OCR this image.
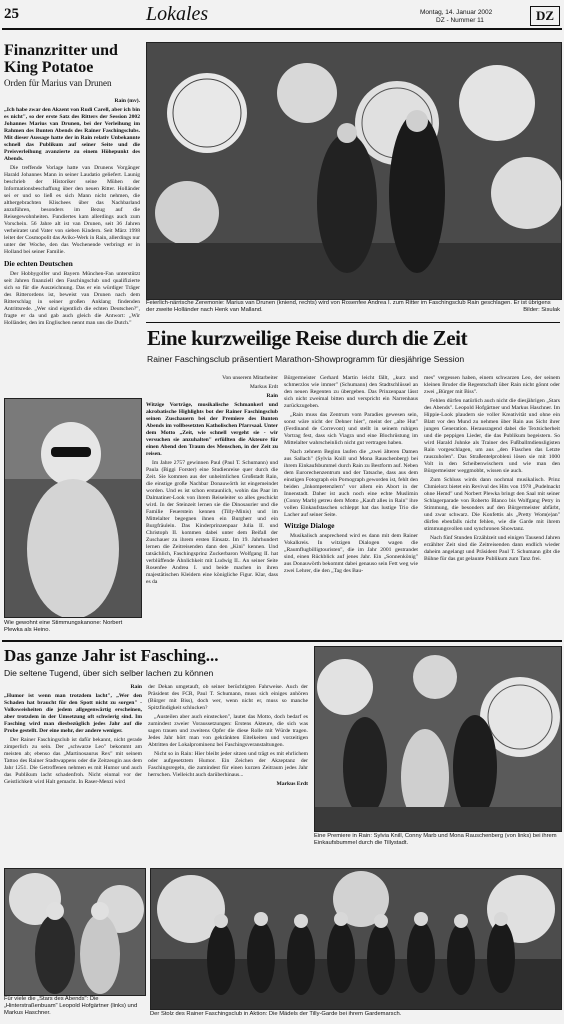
25	Lokales	Montag, 14. Januar 2002
DZ - Nummer 11	DZ
Finanzritter und
King Potatoe
Orden für Marius van Drunen

Rain (mv).

„Ich habe zwar den Akzent von Rudi Carell, aber ich bin es nicht", so der erste Satz des Ritters der Session 2002 Johannes Marius van Drunen, bei der Verleihung im Rahmen des Bunten Abends des Rainer Faschingsclubs. Mit dieser Aussage hatte der in Rain relativ Unbekannte schnell das Publikum auf seiner Seite und die Preisverleihung avanzierte zu einem Höhepunkt des Abends.

Die treffende Vorlage hatte van Drunens Vorgänger Harald Johannes Mann in seiner Laudatio geliefert. Launig beschrieb der Historiker seine Mühen der Informationsbeschaffung über den neuen Ritter. Holländer sei er und so ließ es sich Mann nicht nehmen, die althergebrachten Klischees über das Nachbarland anzuführen, besonders im Bezug auf die Reisegewohnheiten. Fundiertes kam allerdings auch zum Vorschein. 56 Jahre alt ist van Drunen, seit 36 Jahren verheiratet und Vater von sieben Kindern. Seit März 1998 leitet der Cosmopolit das Aviko-Werk in Rain, allerdings nur unter der Woche, den das Wochenende verbringt er in Holland bei seiner Familie.

Die echten Deutschen

Der Hobbygolfer und Bayern München-Fan unterstützt seit Jahren finanziell den Faschingsclub und qualifizierte sich so für die Auszeichnung. Das er ein würdiger Träger des Ritterordens ist, beweist van Drunen nach dem Ritterschlag in seiner großen Anklang findenden Antrittsrede. „Wer sind eigentlich die echten Deutschen?", fragte er da und gab auch gleich die Antwort: „Wir Holländer, den im Englischen nennt man uns die Dutch."

Feierlich-närrische Zeremonie: Marius van Drunen (kniend, rechts) wird von Rosenfee Andrea I. zum Ritter im Faschingsclub Rain geschlagen. Er ist übrigens der zweite Holländer nach Henk van Malland.	Bilder: Sisulak
Wie gewohnt eine Stimmungskanone: Norbert Plewka als Heino.
Eine kurzweilige Reise durch die Zeit
Rainer Faschingsclub präsentiert Marathon-Showprogramm für diesjährige Session

Von unserem Mitarbeiter

Markus Erdt

Rain

Witzige Vorträge, musikalische Schmankerl und akrobatische Highlights bot der Rainer Faschingsclub seinen Zuschauern bei der Premiere des Bunten Abends im vollbesetzten Katholischen Pfarrsaal. Unter dem Motto „Zeit, wie schnell vergeht sie - wir versuchen sie anzuhalten" erfüllten die Akteure für einen Abend den Traum des Menschen, in der Zeit zu reisen.

Im Jahre 2757 gewinnen Paul (Paul T. Schumann) und Paula (Biggi Forster) eine Studienreise quer durch die Zeit. Sie kommen aus der unheimlichen Großstadt Rain, die einstige große Nachbar Donauwörth ist eingemeindet worden. Und es ist schon erstaunlich, wohin das Paar im Dalmatiner-Look von ihrem Reiseleiter so alles geschickt wird. In der Steinzeit lernen sie die Dinosaurier und die Familie Feuerstein kennen (Tilly-Minis) und im Mittelalter begegnen ihnen ein Burgherr und ein Burgfräulein. Das Kinderprinzenpaar Julia II. und Christoph II. kommen dabei unter dem Beifall der Zuschauer zu ihrem ersten Einsatz. Im 19. Jahrhundert lernen die Zeitreisenden dann den „Kini" kennen. Und tatsächlich, Faschingsprinz Zuckerbaron Wolfgang II. hat verblüffende Ähnlichkeit mit Ludwig II.. An seiner Seite Rosenfee Andrea I. und beide machen in ihren majestätischen Kleidern eine königliche Figur. Klar, dass es da

Bürgermeister Gerhard Martin leicht fällt, „kurz und schmerzlos wie immer" (Schumann) den Stadtschlüssel an den neuen Regenten zu übergeben. Das Prinzenpaar lässt sich nicht zweimal bitten und verspricht ein Narrenhaus zurückzugeben.

„Rain muss das Zentrum vom Paradies gewesen sein, sonst wäre nicht der Dehner hier", meint der „alte Hut" (Ferdinand de Correvont) und stellt in seinem ruhigen Vortrag fest, dass sich Viagra und eine Blochrüstung im Mittelalter wahrscheinlich nicht gut vertragen haben.

Nach zehnem Beginn laufen die „zwei älteren Damen aus Sallach" (Sylvia Knill und Mona Rauschenberg) bei ihrem Einkaufsbummel durch Rain zu Bestform auf. Neben dem Eurorechenzentrum und der Tatsache, dass aus dem einstigen Fotograph ein Pornograph geworden ist, fehlt den beiden „Inkompetenzlern" vor allem ein Abort in der Innenstadt. Daher ist auch noch eine echte Muslimin (Conny Marb) getreu dem Motto „Kauft alles in Rain" ihre vollen Einkaufstaschen schleppt hat das lustige Trio die Lacher auf seiner Seite.

Witzige Dialoge

Musikalisch ansprechend wird es dann mit dem Rainer Vokalkreis. In witzigen Dialogen wagen die „Raumflugbilligtouristen", die im Jahr 2001 gestrandet sind, einen Rückblick auf jenes Jahr. Ein „Sonnenkönig" aus Donauwörth bekommt dabei genauso sein Fett weg wie zwei Lehrer, die den „Tag des Bau-

mes" vergessen haben, einem schwarzen Leo, der seinem kleinen Bruder die Regentschaft über Rain nicht gönnt oder zwei „Bürger mit Biss".

Fehlen dürfen natürlich auch nicht die diesjährigen „Stars des Abends". Leopold Hofgärtner und Markus Haschner. Im Hippie-Look plaudern sie voller Kreativität und ohne ein Blatt vor den Mund zu nehmen über Rain aus Sicht ihrer jungen Generation. Herausragend dabei die Textsicherheit und die peppigen Lieder, die das Publikum begeistern. So wird Harald Juhnke als Trainer des Fußballmdiensligisten Rain vorgeschlagen, um aus „den Flaschen das Letzte rauszuholen". Das Straßentelprobleni lösen sie mit 1000 Volt in den Scheibenwischern und wie man den Bürgermeister weggmobbt, wissen sie auch.

Zum Schluss wirds dann nochmal musikalisch. Prinz Chmielorz bietet ein Revival des Hits von 1978 „Pudelnackt ohne Hemd" und Norbert Plewka bringt den Saal mit seiner Schlagerparade von Roberto Blanco bis Wolfgang Petry in Stimmung, die besonders auf den Bürgermeister abfärbt, und zwar schwarz. Die Konfettis als „Pretty Wom(e)an" dürfen ebenfalls nicht fehlen, wie die Garde mit ihrem stimmungsvollen und synchronen Showtanz.

Nach fünf Stunden Erzählzeit und einigen Tausend Jahren erzählter Zeit sind die Zeitreisenden dann endlich wieder daheim angelangt und Präsident Paul T. Schumann gibt die Bühne für das gut gelaunte Publikum zum Tanz frei.

Das ganze Jahr ist Fasching...
Die seltene Tugend, über sich selber lachen zu können

Rain

„Humor ist wenn man trotzdem lacht", „Wer den Schaden hat braucht für den Spott nicht zu sorgen" - Volksweisheiten die jedem allgegenwärtig erscheinen, aber trotzdem in der Umsetzung oft schwierig sind. Im Fasching wird man diesbezüglich jedes Jahr auf die Probe gestellt. Der eine mehr, der andere weniger.

Der Rainer Faschingsclub ist dafür bekannt, nicht gerade zimperlich zu sein. Der „schwarze Leo" bekommt am meisten ab; ebenso das „Martinosaurus Rex" mit seinem Tattoo des Rainer Stadtwappens oder die Zeitzeugin aus dem Jahr 1251. Die Getroffenen nehmen es mit Humor und auch das Publikum lacht schadenfroh. Nicht einmal vor der Geistlichkeit wird Halt gemacht. In Raser-Menzi wird

der Dekan umgetauft, ob seiner berüchtigten Fahrweise. Auch der Präsident des FCR, Paul T. Schumann, muss sich einiges anhören (Bürger mit Biss), doch wer, wenn nicht er, muss so manche Spitzfindigkeit schlucken?

„Austeilen aber auch einstecken", lautet das Motto, doch bedarf es zumindest zweier Voraussetzungen: Erstens Akteure, die sich was sagen trauen und zweitens Opfer die diese Rolle mit Würde tragen. Jedes Jahr hört man von gekränkten Eitelkeiten und vorzeitigen Abtritten der Lokalprominenz bei Faschingsveranstaltungen.

Nicht so in Rain: Hier bleibt jeder sitzen und trägt es mit ehrlichem oder aufgesetztem Humor. Ein Zeichen der Akzeptanz der Faschingsregeln, die zumindest für einen kurzen Zeitraum jedes Jahr herrschen. Vielleicht auch darüberhinaus...

Markus Erdt

Eine Premiere in Rain: Sylvia Knill, Conny Marb und Mona Rauschenberg (von links) bei ihrem Einkaufsbummel durch die Tillystadt.
Für viele die „Stars des Abends": Die „Hinterstraßenbuam" Leopold Hofgärtner (links) und Markus Haschner.	Der Stolz des Rainer Faschingsclub in Aktion: Die Mädels der Tilly-Garde bei ihrem Gardemarsch.
